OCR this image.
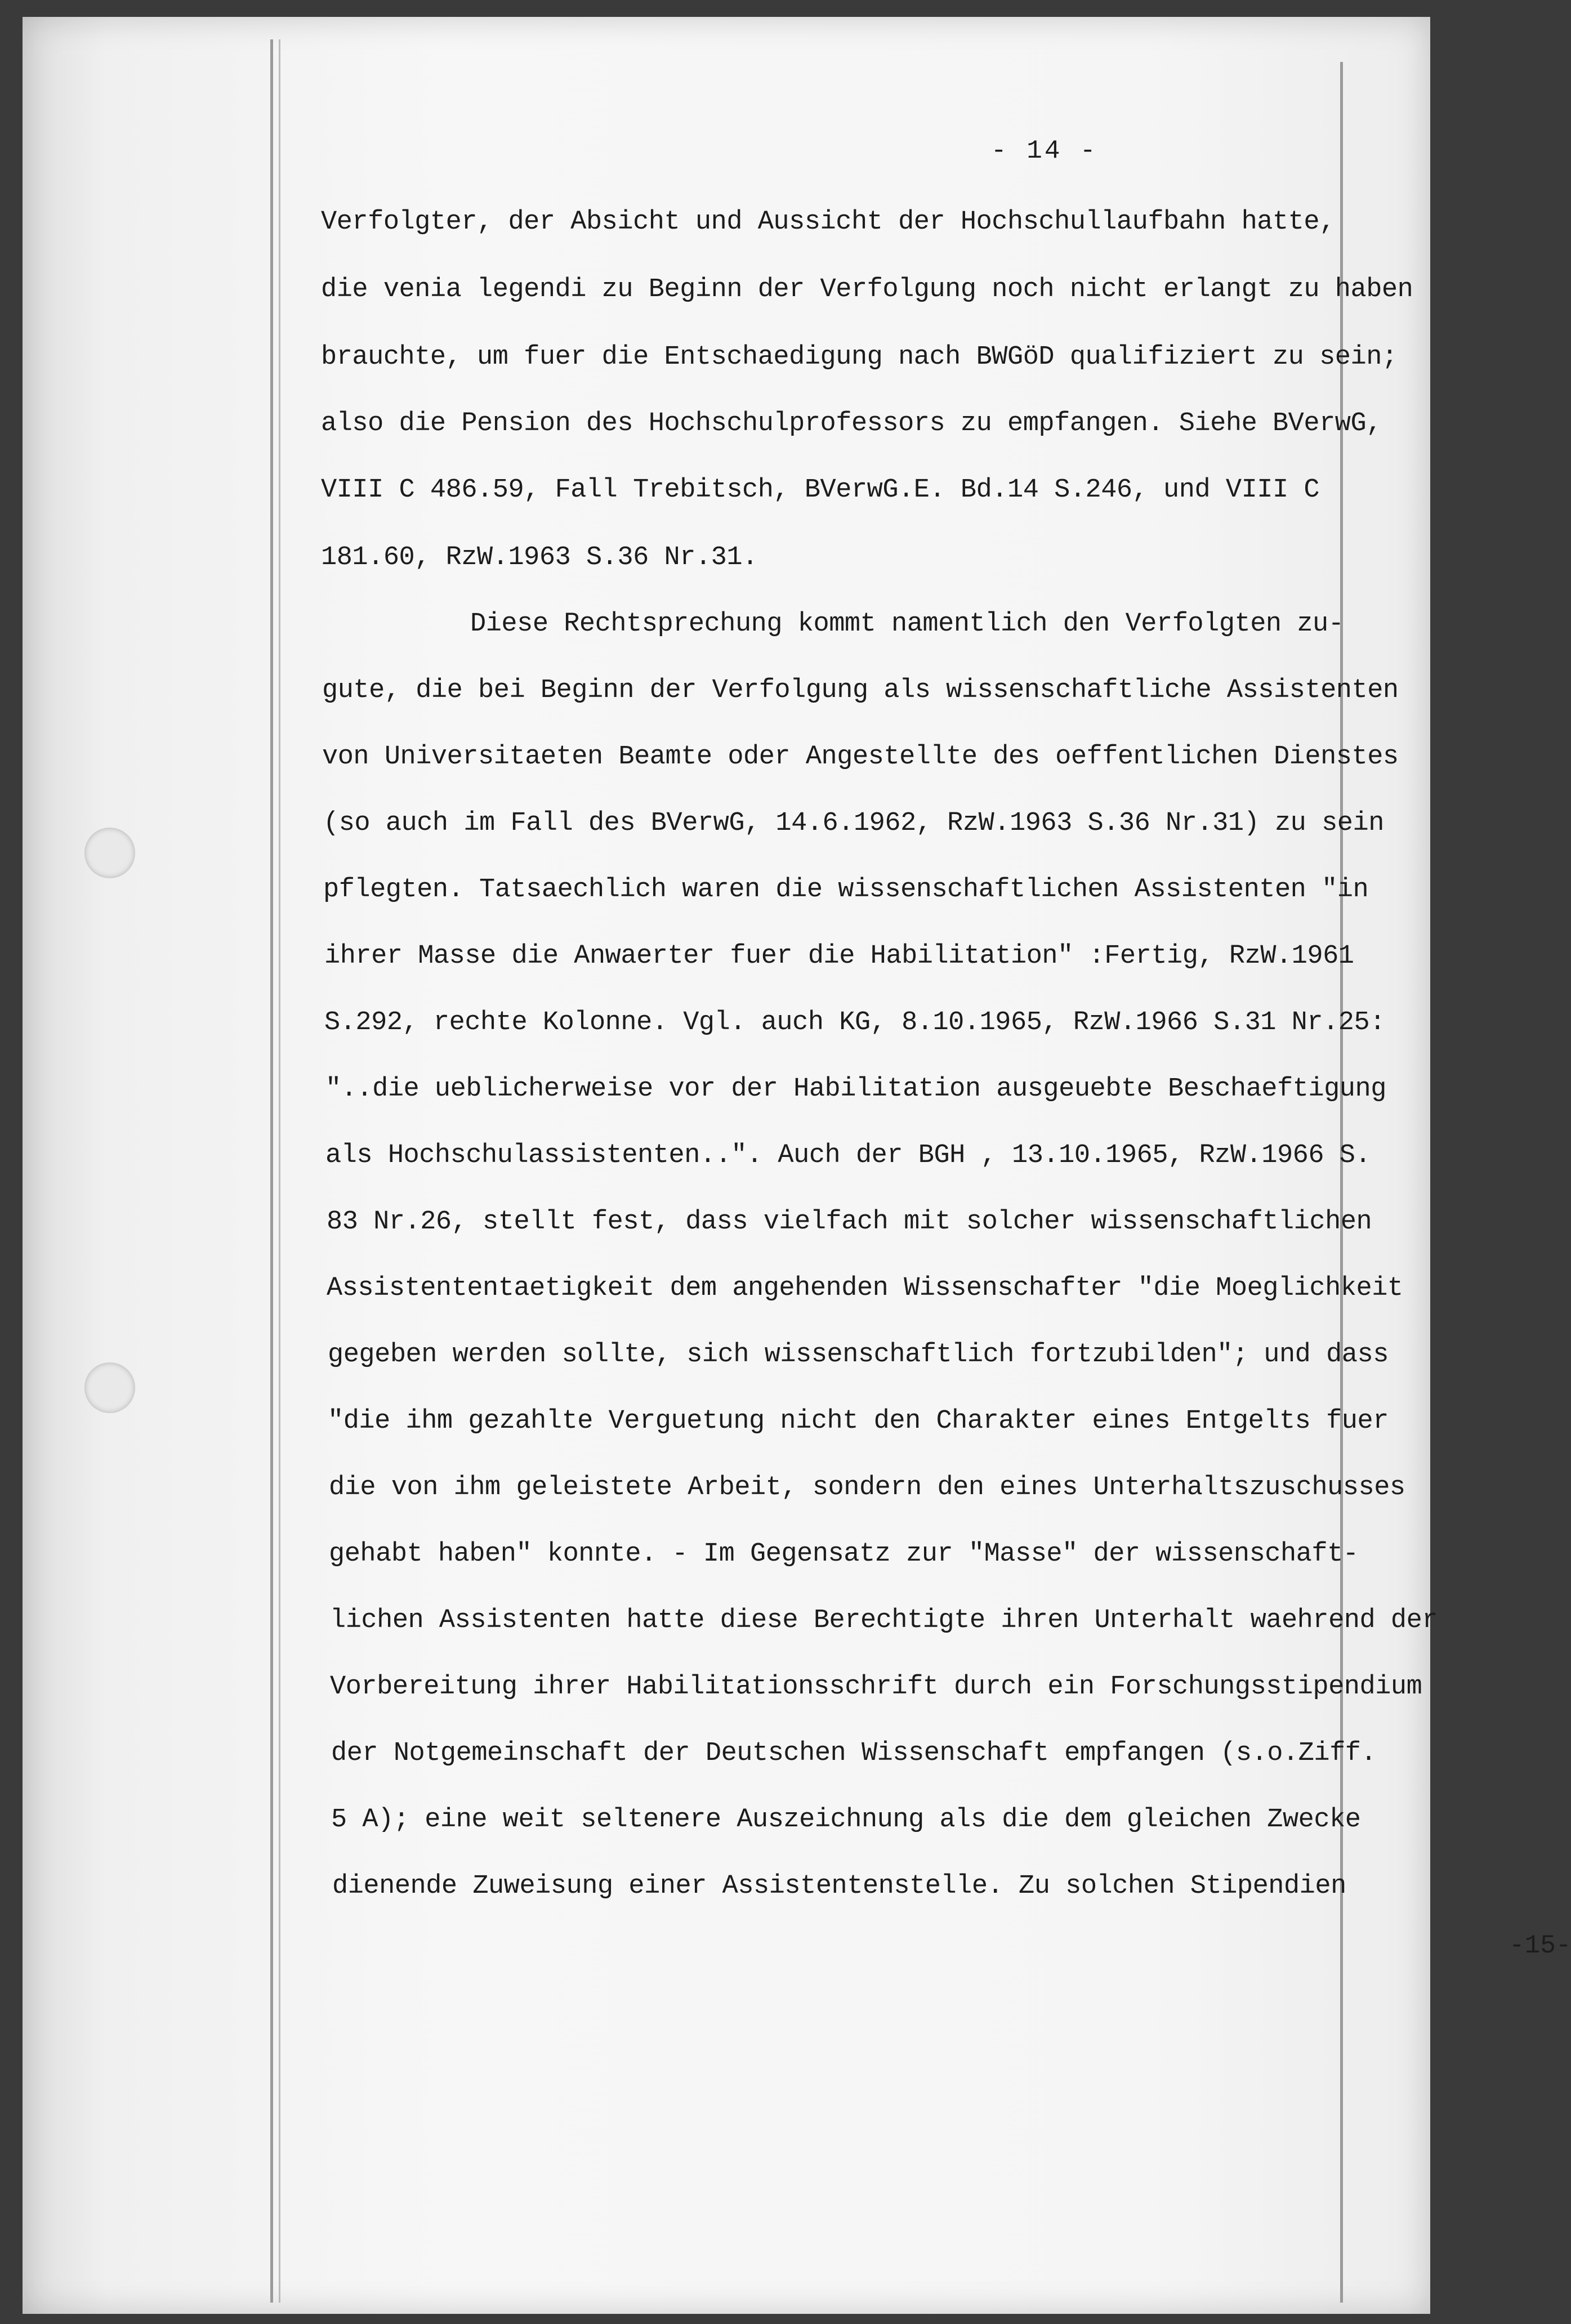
- 14 -
Verfolgter, der Absicht und Aussicht der Hochschullaufbahn hatte,
die venia legendi zu Beginn der Verfolgung noch nicht erlangt zu haben
brauchte, um fuer die Entschaedigung nach BWGöD qualifiziert zu sein;
also die Pension des Hochschulprofessors zu empfangen. Siehe BVerwG,
VIII C 486.59, Fall Trebitsch, BVerwG.E. Bd.14 S.246, und VIII C
181.60, RzW.1963 S.36 Nr.31.
Diese Rechtsprechung kommt namentlich den Verfolgten zu-
gute, die bei Beginn der Verfolgung als wissenschaftliche Assistenten
von Universitaeten Beamte oder Angestellte des oeffentlichen Dienstes
(so auch im Fall des BVerwG, 14.6.1962, RzW.1963 S.36 Nr.31) zu sein
pflegten. Tatsaechlich waren die wissenschaftlichen Assistenten "in
ihrer Masse die Anwaerter fuer die Habilitation" :Fertig, RzW.1961
S.292, rechte Kolonne. Vgl. auch KG, 8.10.1965, RzW.1966 S.31 Nr.25:
"..die ueblicherweise vor der Habilitation ausgeuebte Beschaeftigung
als Hochschulassistenten..". Auch der BGH , 13.10.1965, RzW.1966 S.
83 Nr.26, stellt fest, dass vielfach mit solcher wissenschaftlichen
Assistententaetigkeit dem angehenden Wissenschafter "die Moeglichkeit
gegeben werden sollte, sich wissenschaftlich fortzubilden"; und dass
"die ihm gezahlte Verguetung nicht den Charakter eines Entgelts fuer
die von ihm geleistete Arbeit, sondern den eines Unterhaltszuschusses
gehabt haben" konnte. - Im Gegensatz zur "Masse" der wissenschaft-
lichen Assistenten hatte diese Berechtigte ihren Unterhalt waehrend der
Vorbereitung ihrer Habilitationsschrift durch ein Forschungsstipendium
der Notgemeinschaft der Deutschen Wissenschaft empfangen (s.o.Ziff.
5 A); eine weit seltenere Auszeichnung als die dem gleichen Zwecke
dienende Zuweisung einer Assistentenstelle. Zu solchen Stipendien
-15-
